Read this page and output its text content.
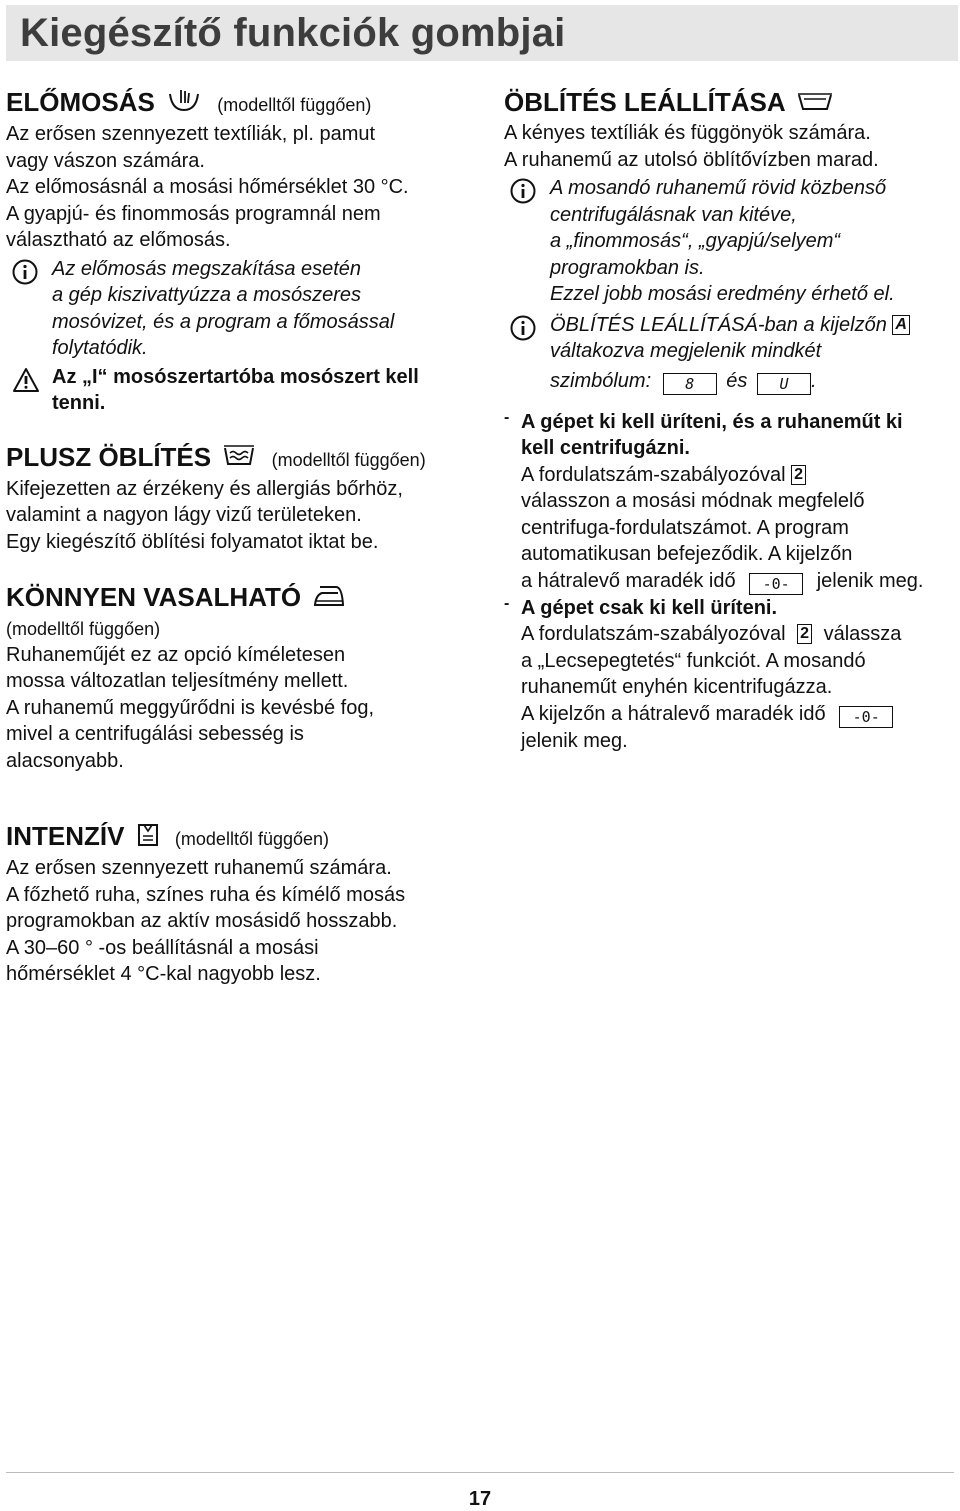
Kiegészítő funkciók gombjai
ELŐMOSÁS	(modelltől függően)

Az erősen szennyezett textíliák, pl. pamut

vagy vászon számára.

Az előmosásnál a mosási hőmérséklet 30 °C.

A gyapjú- és finommosás programnál nem

választható az előmosás.

Az előmosás megszakítása esetén

a gép kiszivattyúzza a mosószeres

mosóvizet, és a program a főmosással

folytatódik.

Az „I“ mosószertartóba mosószert kell

tenni.

PLUSZ ÖBLÍTÉS	(modelltől függően)

Kifejezetten az érzékeny és allergiás bőrhöz,

valamint a nagyon lágy vizű területeken.

Egy kiegészítő öblítési folyamatot iktat be.

KÖNNYEN VASALHATÓ

(modelltől függően)

Ruhaneműjét ez az opció kíméletesen

mossa változatlan teljesítmény mellett.

A ruhanemű meggyűrődni is kevésbé fog,

mivel a centrifugálási sebesség is

alacsonyabb.

ÖBLÍTÉS LEÁLLÍTÁSA

A kényes textíliák és függönyök számára.

A ruhanemű az utolsó öblítővízben marad.

A mosandó ruhanemű rövid közbenső

centrifugálásnak van kitéve,

a „finommosás“, „gyapjú/selyem“

programokban is.

Ezzel jobb mosási eredmény érhető el.

ÖBLÍTÉS LEÁLLÍTÁSÁ-ban a kijelzőn A

váltakozva megjelenik mindkét

szimbólum: 8 és U .

- A gépet ki kell üríteni, és a ruhaneműt ki

kell centrifugázni.

A fordulatszám-szabályozóval 2

válasszon a mosási módnak megfelelő

centrifuga-fordulatszámot. A program

automatikusan befejeződik. A kijelzőn

a hátralevő maradék idő -0- jelenik meg.

- A gépet csak ki kell üríteni.

A fordulatszám-szabályozóval 2 válassza

a „Lecsepegtetés“ funkciót. A mosandó

ruhaneműt enyhén kicentrifugázza.

A kijelzőn a hátralevő maradék idő -0-

jelenik meg.

INTENZÍV	(modelltől függően)

Az erősen szennyezett ruhanemű számára.

A főzhető ruha, színes ruha és kímélő mosás

programokban az aktív mosásidő hosszabb.

A 30–60 ° -os beállításnál a mosási

hőmérséklet 4 °C-kal nagyobb lesz.

17
